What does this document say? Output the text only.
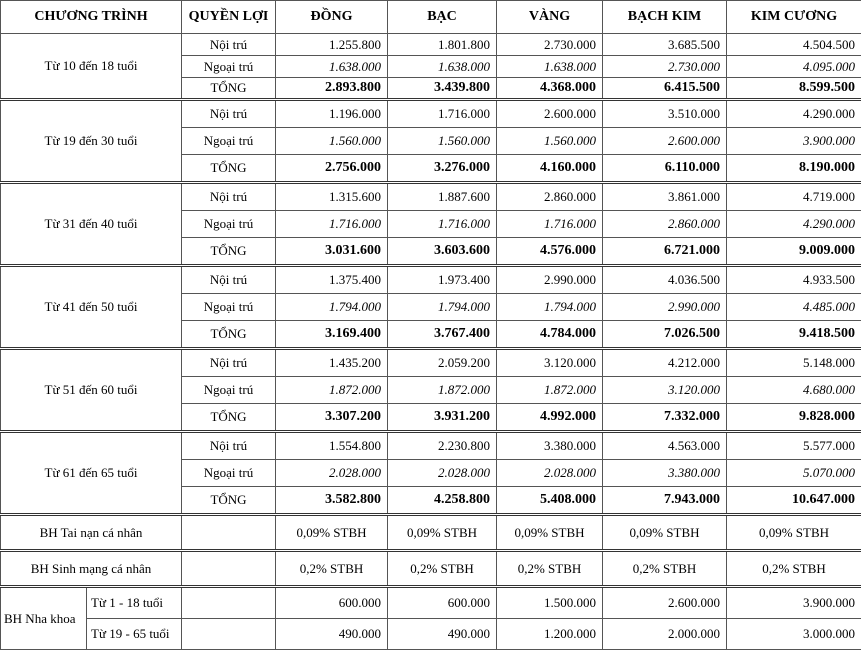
CHƯƠNG TRÌNH		QUYỀN LỢI	ĐỒNG	BẠC	VÀNG	BẠCH KIM	KIM CƯƠNG
Từ 10 đến 18 tuổi		Nội trú	1.255.800	1.801.800	2.730.000	3.685.500	4.504.500
		Ngoại trú	1.638.000	1.638.000	1.638.000	2.730.000	4.095.000
		TỔNG	2.893.800	3.439.800	4.368.000	6.415.500	8.599.500
Từ 19 đến 30 tuổi		Nội trú	1.196.000	1.716.000	2.600.000	3.510.000	4.290.000
		Ngoại trú	1.560.000	1.560.000	1.560.000	2.600.000	3.900.000
		TỔNG	2.756.000	3.276.000	4.160.000	6.110.000	8.190.000
Từ 31 đến 40 tuổi		Nội trú	1.315.600	1.887.600	2.860.000	3.861.000	4.719.000
		Ngoại trú	1.716.000	1.716.000	1.716.000	2.860.000	4.290.000
		TỔNG	3.031.600	3.603.600	4.576.000	6.721.000	9.009.000
Từ 41 đến 50 tuổi		Nội trú	1.375.400	1.973.400	2.990.000	4.036.500	4.933.500
		Ngoại trú	1.794.000	1.794.000	1.794.000	2.990.000	4.485.000
		TỔNG	3.169.400	3.767.400	4.784.000	7.026.500	9.418.500
Từ 51 đến 60 tuổi		Nội trú	1.435.200	2.059.200	3.120.000	4.212.000	5.148.000
		Ngoại trú	1.872.000	1.872.000	1.872.000	3.120.000	4.680.000
		TỔNG	3.307.200	3.931.200	4.992.000	7.332.000	9.828.000
Từ 61 đến 65 tuổi		Nội trú	1.554.800	2.230.800	3.380.000	4.563.000	5.577.000
		Ngoại trú	2.028.000	2.028.000	2.028.000	3.380.000	5.070.000
		TỔNG	3.582.800	4.258.800	5.408.000	7.943.000	10.647.000
BH Tai nạn cá nhân			0,09% STBH	0,09% STBH	0,09% STBH	0,09% STBH	0,09% STBH
BH Sinh mạng cá nhân			0,2% STBH	0,2% STBH	0,2% STBH	0,2% STBH	0,2% STBH
BH Nha khoa	Từ 1 - 18 tuổi		600.000	600.000	1.500.000	2.600.000	3.900.000
	Từ 19 - 65 tuổi		490.000	490.000	1.200.000	2.000.000	3.000.000
